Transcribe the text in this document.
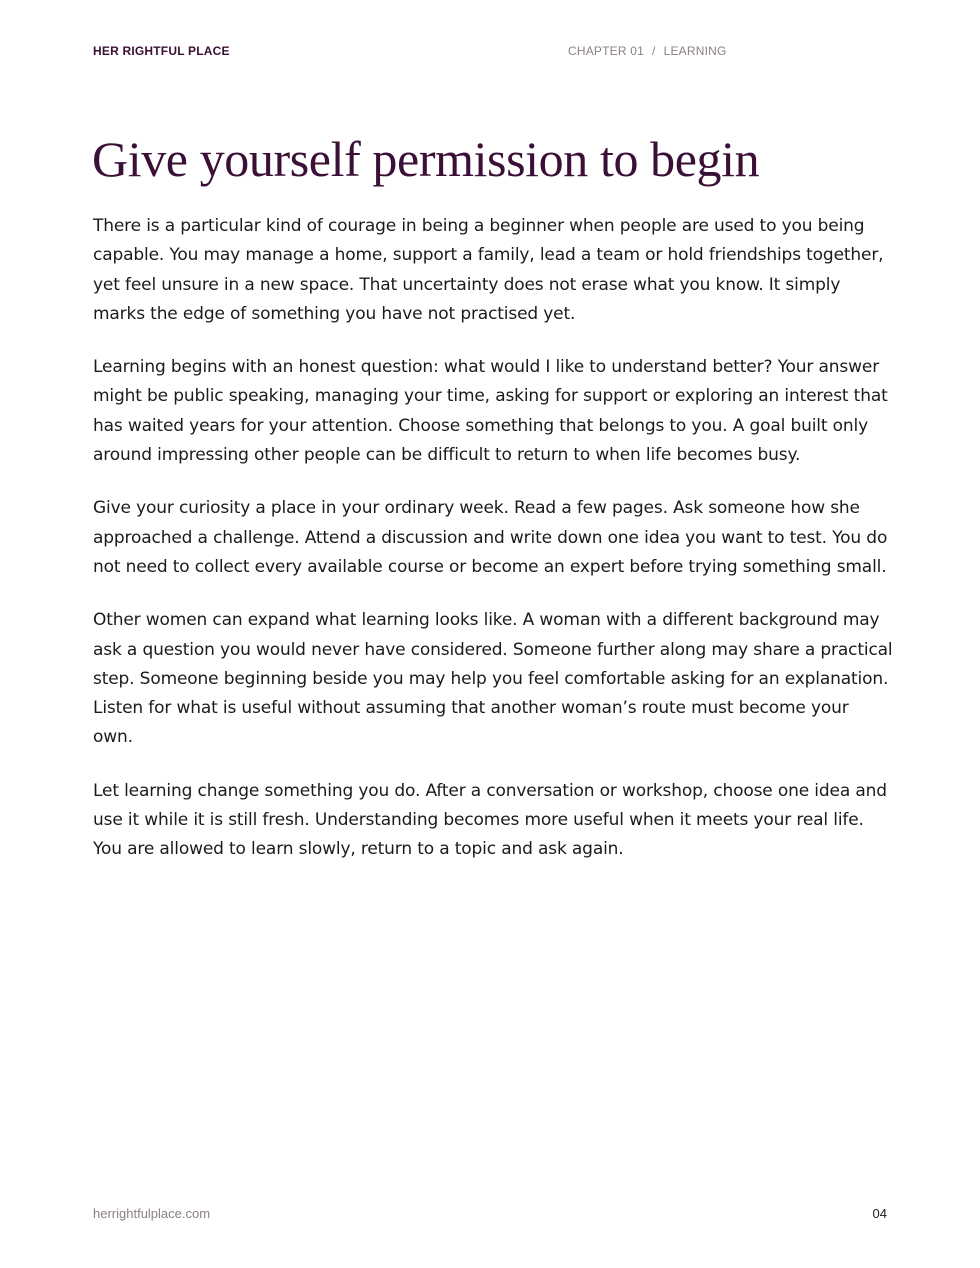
HER RIGHTFUL PLACE	CHAPTER 01 / LEARNING
Give yourself permission to begin

There is a particular kind of courage in being a beginner when people are used to you being capable. You may manage a home, support a family, lead a team or hold friendships together, yet feel unsure in a new space. That uncertainty does not erase what you know. It simply marks the edge of something you have not practised yet.

Learning begins with an honest question: what would I like to understand better? Your answer might be public speaking, managing your time, asking for support or exploring an interest that has waited years for your attention. Choose something that belongs to you. A goal built only around impressing other people can be difficult to return to when life becomes busy.

Give your curiosity a place in your ordinary week. Read a few pages. Ask someone how she approached a challenge. Attend a discussion and write down one idea you want to test. You do not need to collect every available course or become an expert before trying something small.

Other women can expand what learning looks like. A woman with a different background may ask a question you would never have considered. Someone further along may share a practical step. Someone beginning beside you may help you feel comfortable asking for an explanation. Listen for what is useful without assuming that another woman’s route must become your own.

Let learning change something you do. After a conversation or workshop, choose one idea and use it while it is still fresh. Understanding becomes more useful when it meets your real life. You are allowed to learn slowly, return to a topic and ask again.

herrightfulplace.com	04
